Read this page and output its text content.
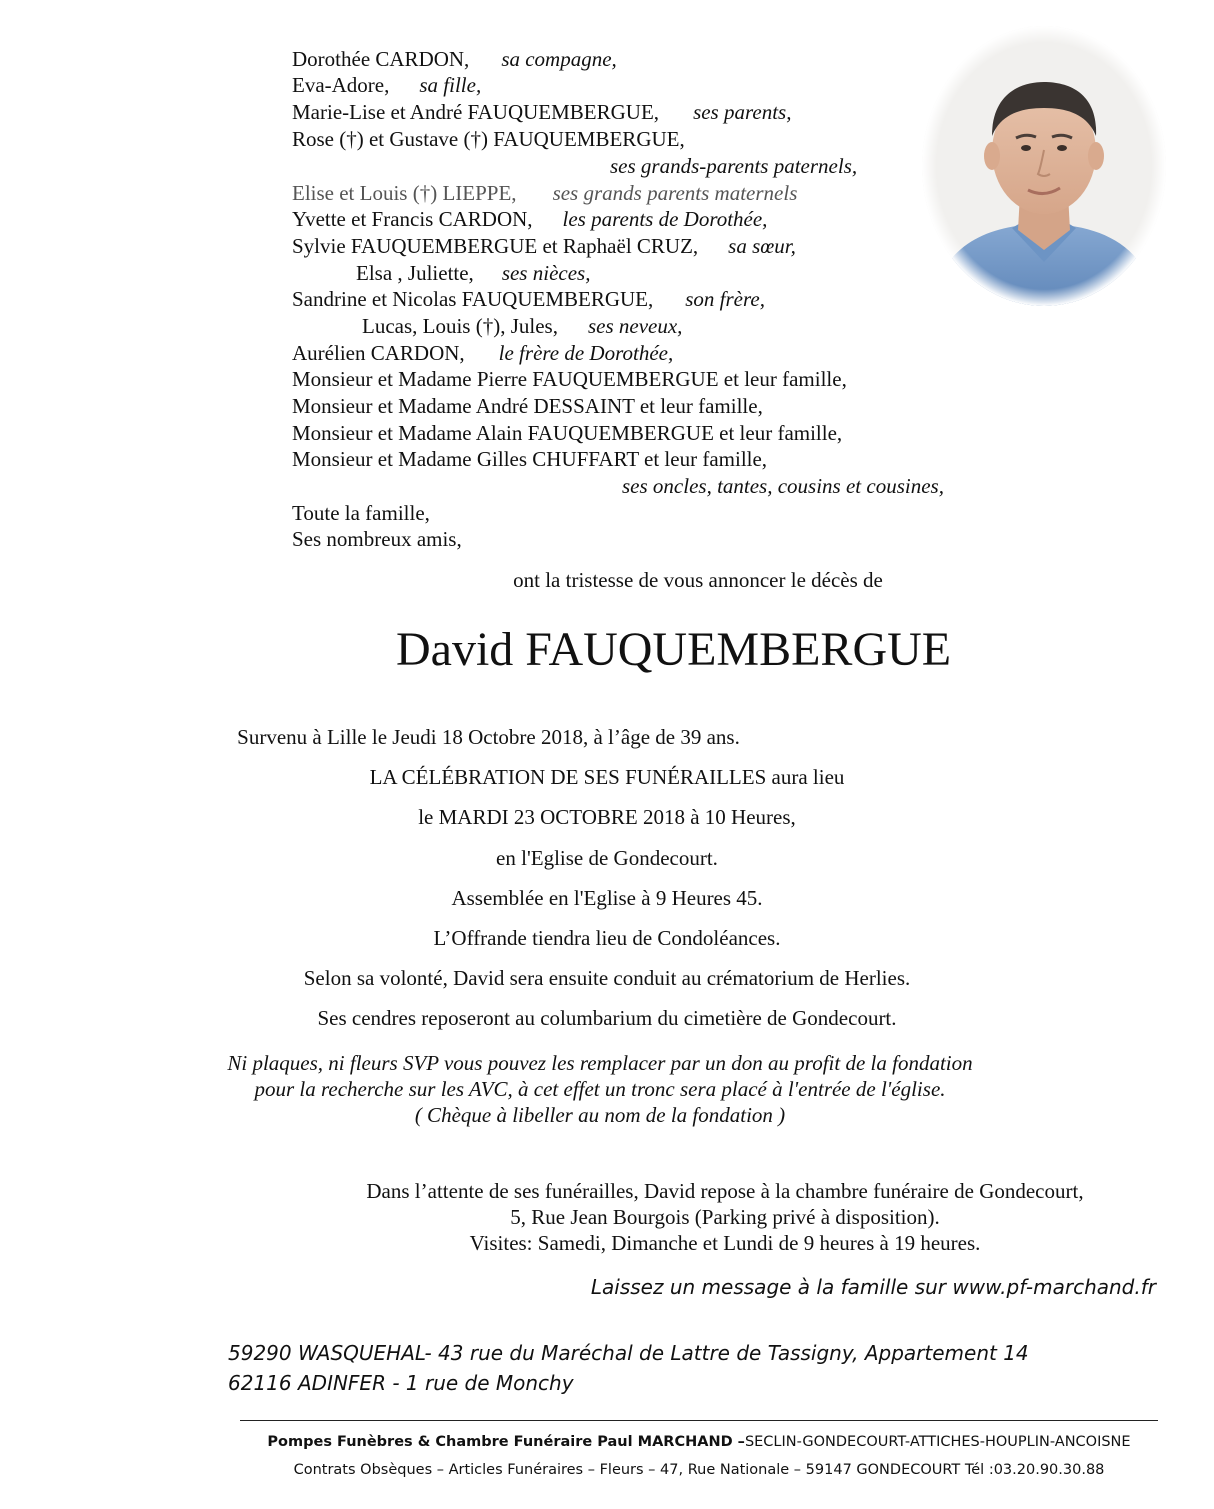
Dorothée CARDON, sa compagne,
Eva-Adore, sa fille,
Marie-Lise et André FAUQUEMBERGUE, ses parents,
Rose (†) et Gustave (†) FAUQUEMBERGUE,
ses grands-parents paternels,
Elise et Louis (†) LIEPPE, ses grands parents maternels
Yvette et Francis CARDON, les parents de Dorothée,
Sylvie FAUQUEMBERGUE et Raphaël CRUZ, sa sœur,
Elsa , Juliette, ses nièces,
Sandrine et Nicolas FAUQUEMBERGUE, son frère,
Lucas, Louis (†), Jules, ses neveux,
Aurélien CARDON, le frère de Dorothée,
Monsieur et Madame Pierre FAUQUEMBERGUE et leur famille,
Monsieur et Madame André DESSAINT et leur famille,
Monsieur et Madame Alain FAUQUEMBERGUE et leur famille,
Monsieur et Madame Gilles CHUFFART et leur famille,
ses oncles, tantes, cousins et cousines,
Toute la famille,
Ses nombreux amis,
ont la tristesse de vous annoncer le décès de
David FAUQUEMBERGUE
Survenu à Lille le Jeudi 18 Octobre 2018, à l’âge de 39 ans.
LA CÉLÉBRATION DE SES FUNÉRAILLES aura lieu
le MARDI 23 OCTOBRE 2018 à 10 Heures,
en l'Eglise de Gondecourt.
Assemblée en l'Eglise à 9 Heures 45.
L’Offrande tiendra lieu de Condoléances.
Selon sa volonté, David sera ensuite conduit au crématorium de Herlies.
Ses cendres reposeront au columbarium du cimetière de Gondecourt.
Ni plaques, ni fleurs SVP vous pouvez les remplacer par un don au profit de la fondation
pour la recherche sur les AVC, à cet effet un tronc sera placé à l'entrée de l'église.
( Chèque à libeller au nom de la fondation )
Dans l’attente de ses funérailles, David repose à la chambre funéraire de Gondecourt,
5, Rue Jean Bourgois (Parking privé à disposition).
Visites: Samedi, Dimanche et Lundi de 9 heures à 19 heures.
Laissez un message à la famille sur www.pf-marchand.fr
59290 WASQUEHAL- 43 rue du Maréchal de Lattre de Tassigny, Appartement 14
62116 ADINFER - 1 rue de Monchy
Pompes Funèbres & Chambre Funéraire Paul MARCHAND –SECLIN-GONDECOURT-ATTICHES-HOUPLIN-ANCOISNE
Contrats Obsèques – Articles Funéraires – Fleurs – 47, Rue Nationale – 59147 GONDECOURT Tél :03.20.90.30.88
